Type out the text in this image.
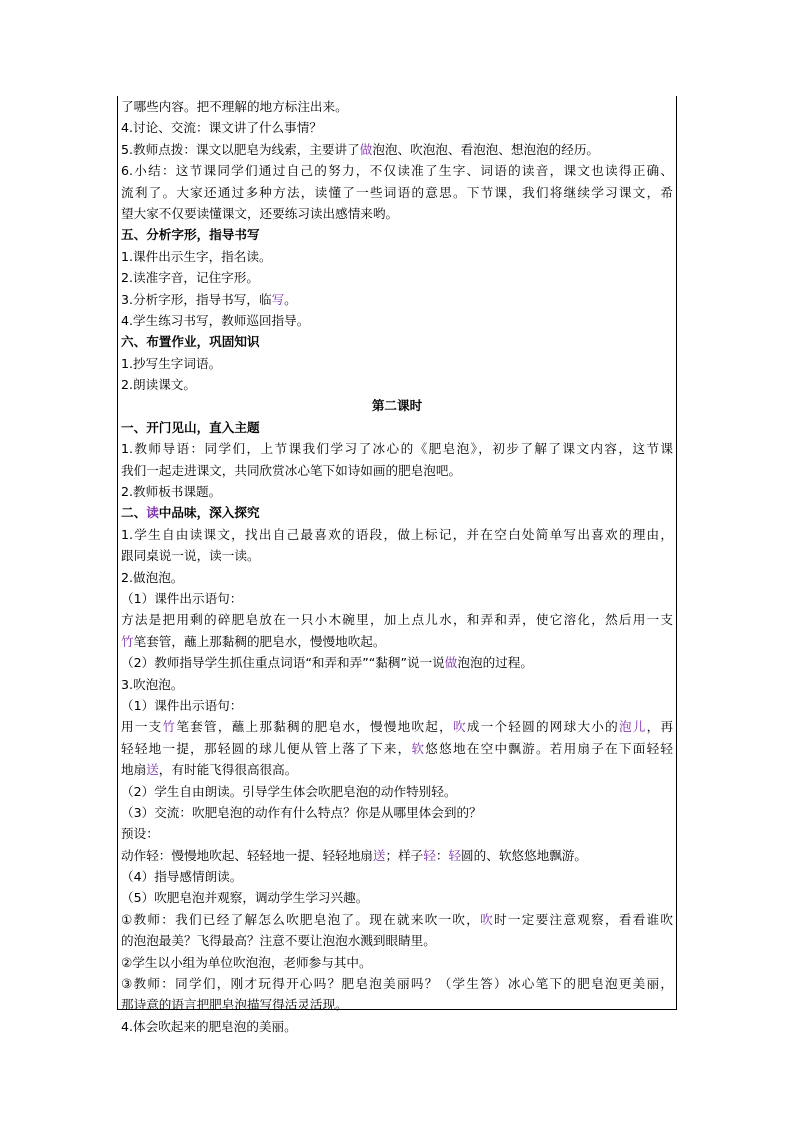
了哪些内容。把不理解的地方标注出来。
4.讨论、交流：课文讲了什么事情？
5.教师点拨：课文以肥皂为线索，主要讲了做泡泡、吹泡泡、看泡泡、想泡泡的经历。
6.小结：这节课同学们通过自己的努力，不仅读准了生字、词语的读音，课文也读得正确、
流利了。大家还通过多种方法，读懂了一些词语的意思。下节课，我们将继续学习课文，希
望大家不仅要读懂课文，还要练习读出感情来哟。
五、分析字形，指导书写
1.课件出示生字，指名读。
2.读准字音，记住字形。
3.分析字形，指导书写，临写。
4.学生练习书写，教师巡回指导。
六、布置作业，巩固知识
1.抄写生字词语。
2.朗读课文。
第二课时
一、开门见山，直入主题
1.教师导语：同学们，上节课我们学习了冰心的《肥皂泡》，初步了解了课文内容，这节课
我们一起走进课文，共同欣赏冰心笔下如诗如画的肥皂泡吧。
2.教师板书课题。
二、读中品味，深入探究
1.学生自由读课文，找出自己最喜欢的语段，做上标记，并在空白处简单写出喜欢的理由，
跟同桌说一说，读一读。
2.做泡泡。
（1）课件出示语句：
方法是把用剩的碎肥皂放在一只小木碗里，加上点儿水，和弄和弄，使它溶化，然后用一支
竹笔套管，蘸上那黏稠的肥皂水，慢慢地吹起。
（2）教师指导学生抓住重点词语“和弄和弄”“黏稠”说一说做泡泡的过程。
3.吹泡泡。
（1）课件出示语句：
用一支竹笔套管，蘸上那黏稠的肥皂水，慢慢地吹起，吹成一个轻圆的网球大小的泡儿，再
轻轻地一提，那轻圆的球儿便从管上落了下来，软悠悠地在空中飘游。若用扇子在下面轻轻
地扇送，有时能飞得很高很高。
（2）学生自由朗读。引导学生体会吹肥皂泡的动作特别轻。
（3）交流：吹肥皂泡的动作有什么特点？你是从哪里体会到的？
预设：
动作轻：慢慢地吹起、轻轻地一提、轻轻地扇送；样子轻：轻圆的、软悠悠地飘游。
（4）指导感情朗读。
（5）吹肥皂泡并观察，调动学生学习兴趣。
①教师：我们已经了解怎么吹肥皂泡了。现在就来吹一吹，吹时一定要注意观察，看看谁吹
的泡泡最美？飞得最高？注意不要让泡泡水溅到眼睛里。
②学生以小组为单位吹泡泡，老师参与其中。
③教师：同学们，刚才玩得开心吗？肥皂泡美丽吗？（学生答）冰心笔下的肥皂泡更美丽，
那诗意的语言把肥皂泡描写得活灵活现。
4.体会吹起来的肥皂泡的美丽。
